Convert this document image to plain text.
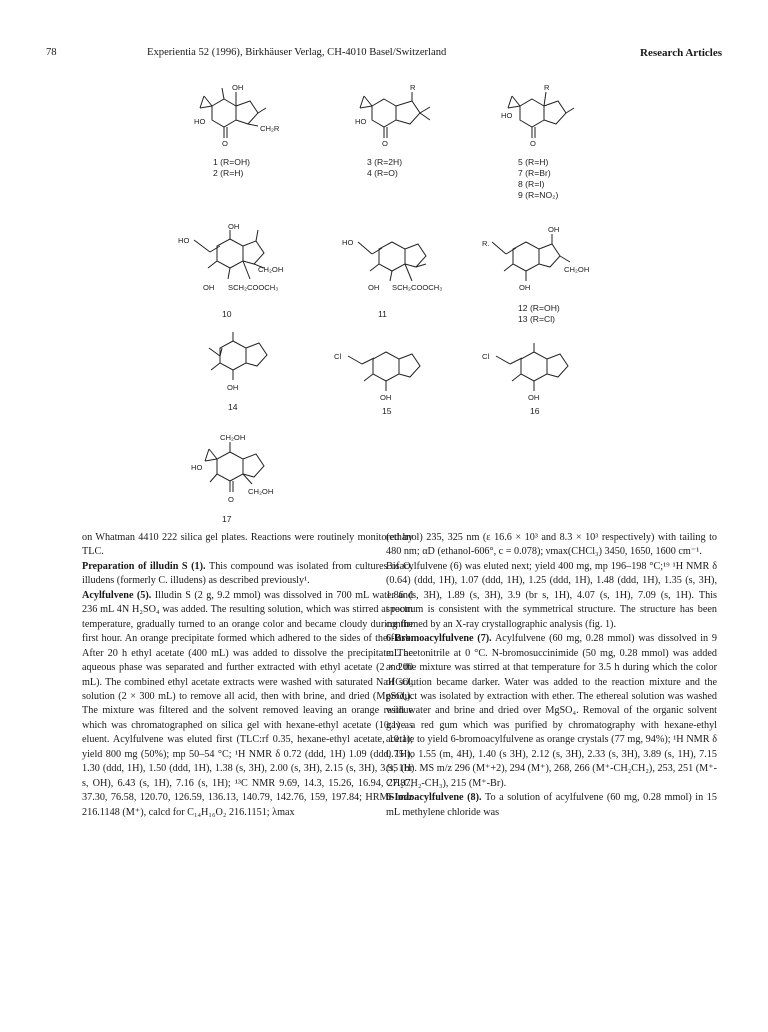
78	Experientia 52 (1996), Birkhäuser Verlag, CH-4010 Basel/Switzerland	Research Articles
OH
HO
O
CH₂R
R
HO
O
R
HO
O
OH
HO
CH₂OH
OH SCH₂COOCH₃
HO
OH SCH₂COOCH₃
OH
R.
CH₂OH
OH
OH
Cl
OH
Cl
OH
CH₂OH
HO
O
CH₂OH
1 (R=OH)
2 (R=H)
3 (R=2H)
4 (R=O)
5 (R=H)
7 (R=Br)
8 (R=I)
9 (R=NO₂)
10	11
12 (R=OH)
13 (R=Cl)
14	15	16
17

on Whatman 4410 222 silica gel plates. Reactions were routinely monitored by TLC.

Preparation of illudin S (1). This compound was isolated from cultures of O. illudens (formerly C. illudens) as described previously¹.

Acylfulvene (5). Illudin S (2 g, 9.2 mmol) was dissolved in 700 mL water and 236 mL 4N H₂SO₄ was added. The resulting solution, which was stirred at room temperature, gradually turned to an orange color and became cloudy during the first hour. An orange precipitate formed which adhered to the sides of the flask. After 20 h ethyl acetate (400 mL) was added to dissolve the precipitate. The aqueous phase was separated and further extracted with ethyl acetate (2 × 200 mL). The combined ethyl acetate extracts were washed with saturated NaHCO₃ solution (2 × 300 mL) to remove all acid, then with brine, and dried (MgSO₄). The mixture was filtered and the solvent removed leaving an orange residue which was chromatographed on silica gel with hexane-ethyl acetate (10:1) as eluent. Acylfulvene was eluted first (TLC:rf 0.35, hexane-ethyl acetate, 10:1); yield 800 mg (50%); mp 50–54 °C; ¹H NMR δ 0.72 (ddd, 1H) 1.09 (ddd, 1H), 1.30 (ddd, 1H), 1.50 (ddd, 1H), 1.38 (s, 3H), 2.00 (s, 3H), 2.15 (s, 3H), 3.95 (br s, OH), 6.43 (s, 1H), 7.16 (s, 1H); ¹³C NMR 9.69, 14.3, 15.26, 16.94, 27.87, 37.30, 76.58, 120.70, 126.59, 136.13, 140.79, 142.76, 159, 197.84; HRMS m/z 216.1148 (M⁺), calcd for C₁₄H₁₆O₂ 216.1151; λmax

(ethanol) 235, 325 nm (ε 16.6 × 10³ and 8.3 × 10³ respectively) with tailing to 480 nm; αD (ethanol-606°, c = 0.078); νmax(CHCl₃) 3450, 1650, 1600 cm⁻¹.

Bisacylfulvene (6) was eluted next; yield 400 mg, mp 196–198 °C;¹⁹ ¹H NMR δ (0.64) (ddd, 1H), 1.07 (ddd, 1H), 1.25 (ddd, 1H), 1.48 (ddd, 1H), 1.35 (s, 3H), 1.86 (s, 3H), 1.89 (s, 3H), 3.9 (br s, 1H), 4.07 (s, 1H), 7.09 (s, 1H). This spectrum is consistent with the symmetrical structure. The structure has been confirmed by an X-ray crystallographic analysis (fig. 1).

6-Bromoacylfulvene (7). Acylfulvene (60 mg, 0.28 mmol) was dissolved in 9 mL acetonitrile at 0 °C. N-bromosuccinimide (50 mg, 0.28 mmol) was added and the mixture was stirred at that temperature for 3.5 h during which the color of solution became darker. Water was added to the reaction mixture and the product was isolated by extraction with ether. The ethereal solution was washed with water and brine and dried over MgSO₄. Removal of the organic solvent gave a red gum which was purified by chromatography with hexane-ethyl acetate to yield 6-bromoacylfulvene as orange crystals (77 mg, 94%); ¹H NMR δ 0.75 to 1.55 (m, 4H), 1.40 (s 3H), 2.12 (s, 3H), 2.33 (s, 3H), 3.89 (s, 1H), 7.15 (s, 1H). MS m/z 296 (M⁺+2), 294 (M⁺), 268, 266 (M⁺-CH₂CH₂), 253, 251 (M⁺-CH₂CH₂-CH₃), 215 (M⁺-Br).

6-Iodoacylfulvene (8). To a solution of acylfulvene (60 mg, 0.28 mmol) in 15 mL methylene chloride was
